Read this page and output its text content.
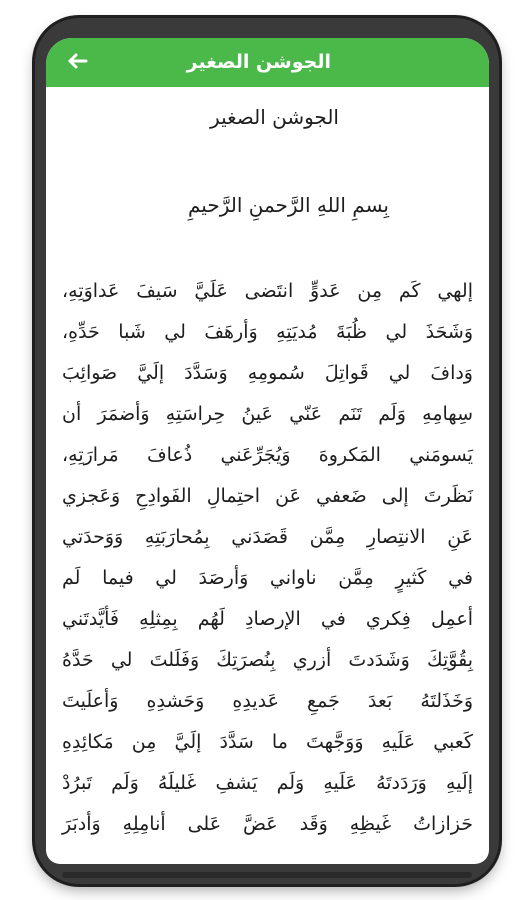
الجوشن الصغير
الجوشن الصغير
بِسمِ اللهِ الرَّحمنِ الرَّحيمِ
إلهي كَم مِن عَدوٍّ انتَضى عَلَيَّ سَيفَ عَداوَتِهِ،
وَشَحَذَ لي ظُبَةَ مُديَتِهِ وَأرهَفَ لي شَبا حَدِّهِ،
وَدافَ لي قَواتِلَ سُمومِهِ وَسَدَّدَ إلَيَّ صَوائِبَ
سِهامِهِ وَلَم تَنَم عَنّي عَينُ حِراسَتِهِ وَأضمَرَ أن
يَسومَني المَكروهَ وَيُجَرِّعَني ذُعافَ مَرارَتِهِ،
نَظَرتَ إلى ضَعفي عَن احتِمالِ الفَوادِحِ وَعَجزي
عَنِ الانتِصارِ مِمَّن قَصَدَني بِمُحارَبَتِهِ وَوَحدَتي
في كَثيرٍ مِمَّن ناواني وَأرصَدَ لي فيما لَم
أعمِل فِكري في الإرصادِ لَهُم بِمِثلِهِ فَأيَّدتَني
بِقُوَّتِكَ وَشَدَدتَ أزري بِنُصرَتِكَ وَفَلَلتَ لي حَدَّهُ
وَخَذَلتَهُ بَعدَ جَمعِ عَديدِهِ وَحَشدِهِ وَأعلَيتَ
كَعبي عَلَيهِ وَوَجَّهتَ ما سَدَّدَ إلَيَّ مِن مَكائِدِهِ
إلَيهِ وَرَدَدتَهُ عَلَيهِ وَلَم يَشفِ غَليلَهُ وَلَم تَبرُدْ
حَزازاتُ غَيظِهِ وَقَد عَضَّ عَلى أنامِلِهِ وَأدبَرَ
